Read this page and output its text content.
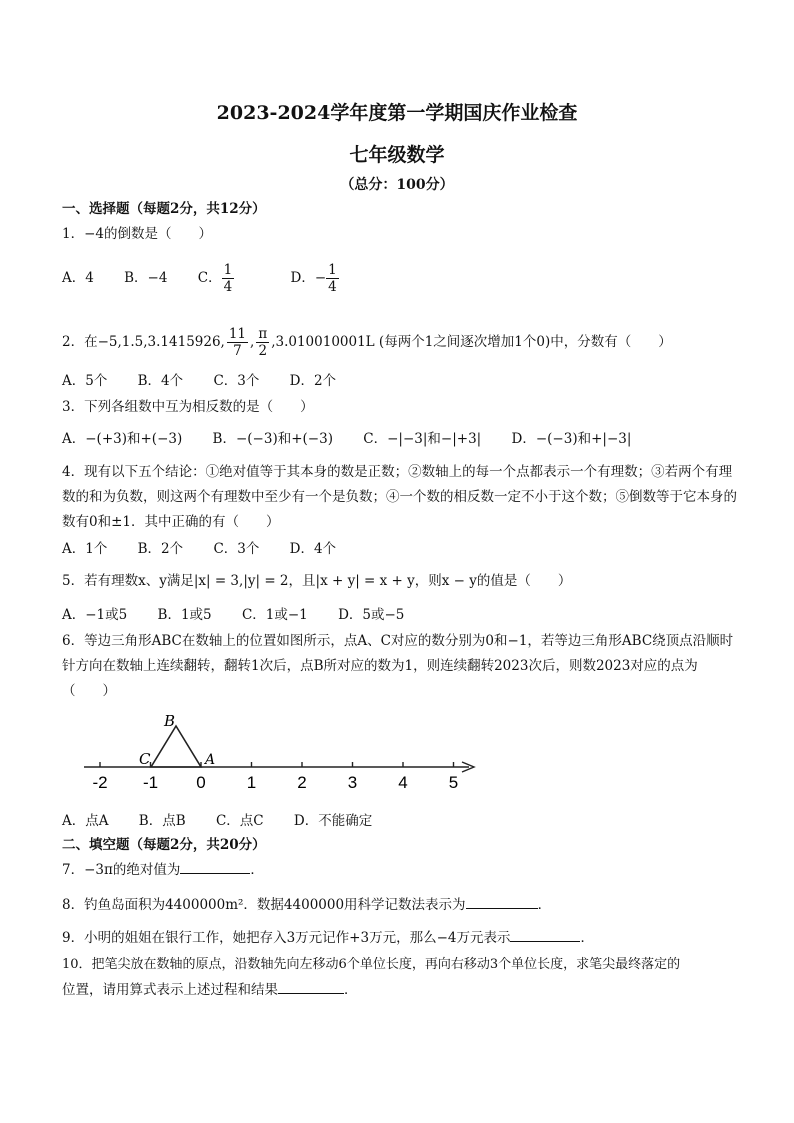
2023-2024学年度第一学期国庆作业检查
七年级数学
（总分：100分）
一、选择题（每题2分，共12分）
1．−4的倒数是（　　）
A．4 B．−4 C． $\frac{1}{4}$ D．− $\frac{1}{4}$
2．在−5,1.5,3.1415926, $\frac{11}{7}$ , $\frac{\pi}{2} ,3.010010001L$ (每两个1之间逐次增加1个0)中，分数有（　　）
A．5个 B．4个 C．3个 D．2个
3．下列各组数中互为相反数的是（　　）
A．−(+3)和+(−3) B．−(−3)和+(−3) C．−|−3|和−|+3| D．−(−3)和+|−3|
4．现有以下五个结论：①绝对值等于其本身的数是正数；②数轴上的每一个点都表示一个有理数；③若两个有理数的和为负数，则这两个有理数中至少有一个是负数；④一个数的相反数一定不小于这个数；⑤倒数等于它本身的数有0和±1．其中正确的有（　　）
A．1个 B．2个 C．3个 D．4个
5．若有理数x、y满足|x| = 3,|y| = 2，且|x + y| = x + y，则x − y的值是（　　）
A．−1或5 B．1或5 C．1或−1 D．5或−5
6．等边三角形ABC在数轴上的位置如图所示，点A、C对应的数分别为0和−1，若等边三角形ABC绕顶点沿顺时针方向在数轴上连续翻转，翻转1次后，点B所对应的数为1，则连续翻转2023次后，则数2023对应的点为（　　）
-2 -1 0 1 2 3 4 5
B
C	A
A．点A B．点B C．点C D．不能确定
二、填空题（每题2分，共20分）
7．−3π的绝对值为	．
8．钓鱼岛面积为4400000m²．数据4400000用科学记数法表示为	．
9．小明的姐姐在银行工作，她把存入3万元记作+3万元，那么−4万元表示	．
10．把笔尖放在数轴的原点，沿数轴先向左移动6个单位长度，再向右移动3个单位长度，求笔尖最终落定的
位置，请用算式表示上述过程和结果	．
